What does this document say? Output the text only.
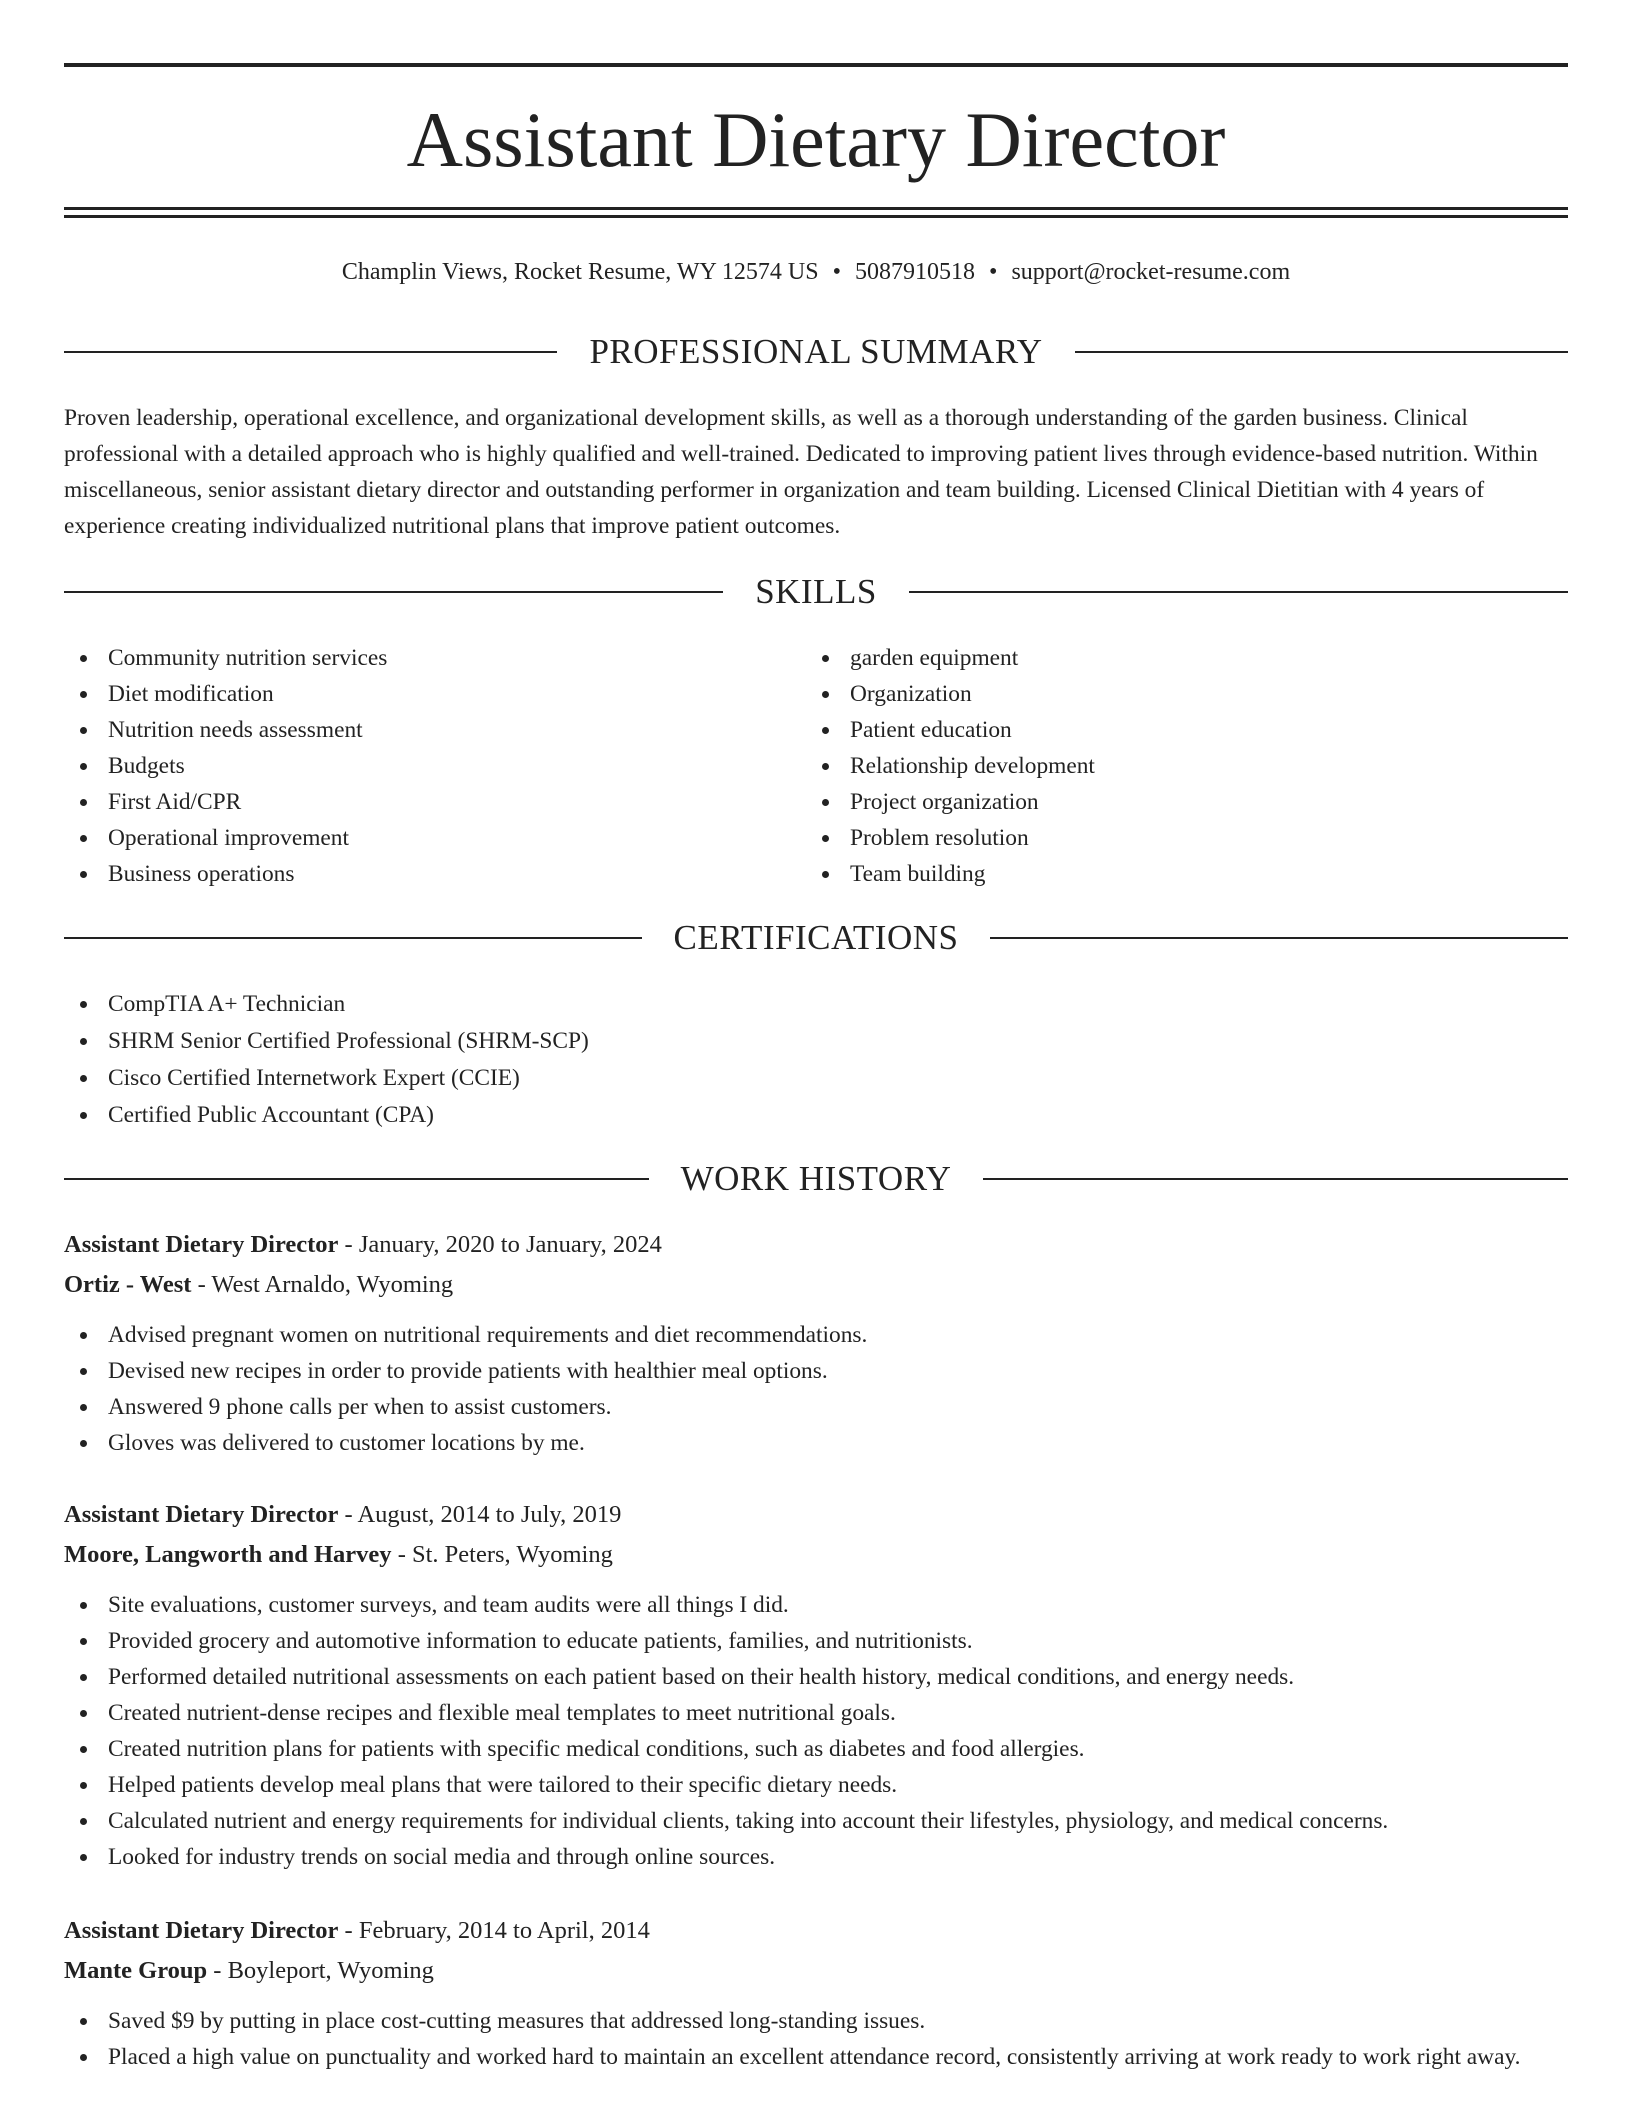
Assistant Dietary Director
Champlin Views, Rocket Resume, WY 12574 US • 5087910518 • support@rocket-resume.com
PROFESSIONAL SUMMARY

Proven leadership, operational excellence, and organizational development skills, as well as a thorough understanding of the garden business. Clinical professional with a detailed approach who is highly qualified and well-trained. Dedicated to improving patient lives through evidence-based nutrition. Within miscellaneous, senior assistant dietary director and outstanding performer in organization and team building. Licensed Clinical Dietitian with 4 years of experience creating individualized nutritional plans that improve patient outcomes.

SKILLS
Community nutrition services
Diet modification
Nutrition needs assessment
Budgets
First Aid/CPR
Operational improvement
Business operations
garden equipment
Organization
Patient education
Relationship development
Project organization
Problem resolution
Team building
CERTIFICATIONS
CompTIA A+ Technician
SHRM Senior Certified Professional (SHRM-SCP)
Cisco Certified Internetwork Expert (CCIE)
Certified Public Accountant (CPA)
WORK HISTORY
Assistant Dietary Director - January, 2020 to January, 2024
Ortiz - West - West Arnaldo, Wyoming
Advised pregnant women on nutritional requirements and diet recommendations.
Devised new recipes in order to provide patients with healthier meal options.
Answered 9 phone calls per when to assist customers.
Gloves was delivered to customer locations by me.
Assistant Dietary Director - August, 2014 to July, 2019
Moore, Langworth and Harvey - St. Peters, Wyoming
Site evaluations, customer surveys, and team audits were all things I did.
Provided grocery and automotive information to educate patients, families, and nutritionists.
Performed detailed nutritional assessments on each patient based on their health history, medical conditions, and energy needs.
Created nutrient-dense recipes and flexible meal templates to meet nutritional goals.
Created nutrition plans for patients with specific medical conditions, such as diabetes and food allergies.
Helped patients develop meal plans that were tailored to their specific dietary needs.
Calculated nutrient and energy requirements for individual clients, taking into account their lifestyles, physiology, and medical concerns.
Looked for industry trends on social media and through online sources.
Assistant Dietary Director - February, 2014 to April, 2014
Mante Group - Boyleport, Wyoming
Saved $9 by putting in place cost-cutting measures that addressed long-standing issues.
Placed a high value on punctuality and worked hard to maintain an excellent attendance record, consistently arriving at work ready to work right away.
